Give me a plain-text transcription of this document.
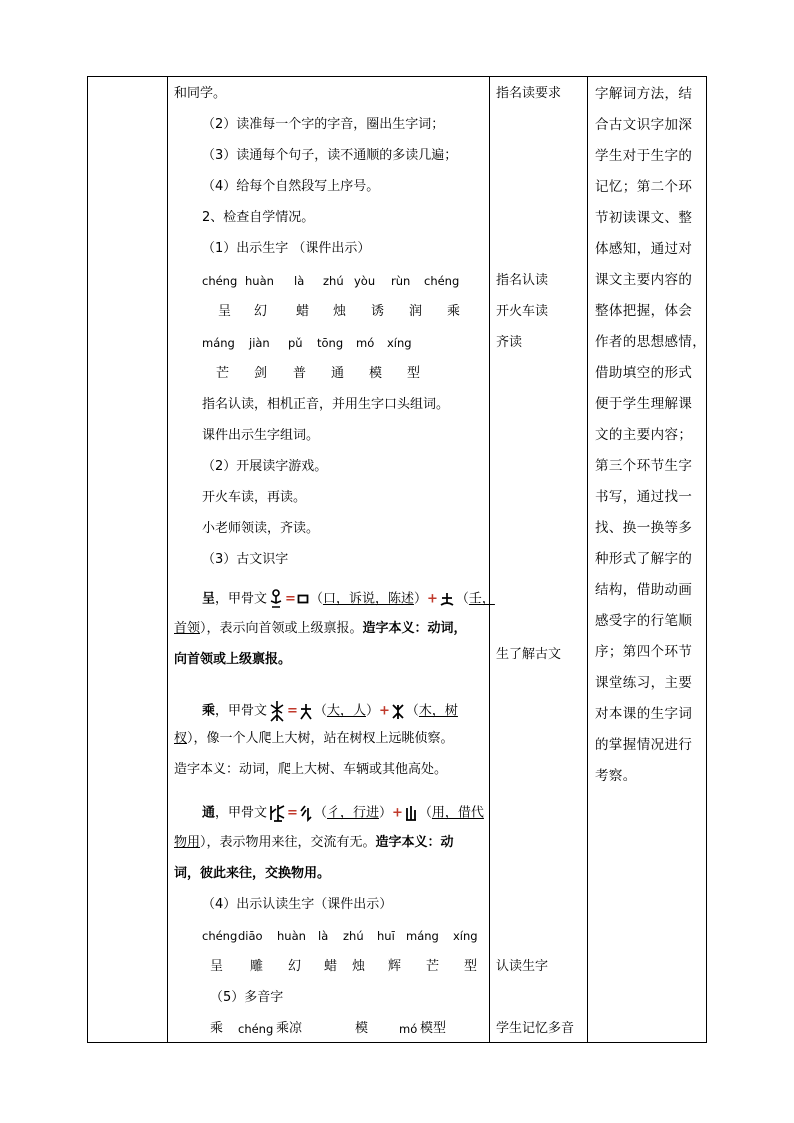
和同学。
（2）读准每一个字的字音，圈出生字词；
（3）读通每个句子，读不通顺的多读几遍；
（4）给每个自然段写上序号。
2、检查自学情况。
（1）出示生字 （课件出示）
chéng huàn là zhú yòu rùn chéng
呈 幻 蜡 烛 诱 润 乘
máng jiàn pǔ tōng mó xíng
芒 剑 普 通 模 型
指名认读，相机正音，并用生字口头组词。
课件出示生字组词。
（2）开展读字游戏。
开火车读，再读。
小老师领读，齐读。
（3）古文识字
呈，甲骨文 = （口，诉说，陈述）+ （壬，
首领），表示向首领或上级禀报。造字本义：动词，
向首领或上级禀报。
乘，甲骨文 = （大，人）+ （木，树
杈），像一个人爬上大树，站在树杈上远眺侦察。
造字本义：动词，爬上大树、车辆或其他高处。
通，甲骨文 = （彳，行进）+ （用，借代
物用），表示物用来往，交流有无。造字本义：动
词，彼此来往，交换物用。
（4）出示认读生字（课件出示）
chéng diāo huàn là zhú huī máng xíng
呈 雕 幻 蜡 烛 辉 芒 型
（5）多音字
乘 chéng 乘凉	模	mó 模型
指名读要求
指名认读
开火车读
齐读
生了解古文
认读生字
学生记忆多音
字解词方法，结
合古文识字加深
学生对于生字的
记忆；第二个环
节初读课文、整
体感知，通过对
课文主要内容的
整体把握，体会
作者的思想感情，
借助填空的形式
便于学生理解课
文的主要内容；
第三个环节生字
书写，通过找一
找、换一换等多
种形式了解字的
结构，借助动画
感受字的行笔顺
序；第四个环节
课堂练习，主要
对本课的生字词
的掌握情况进行
考察。
